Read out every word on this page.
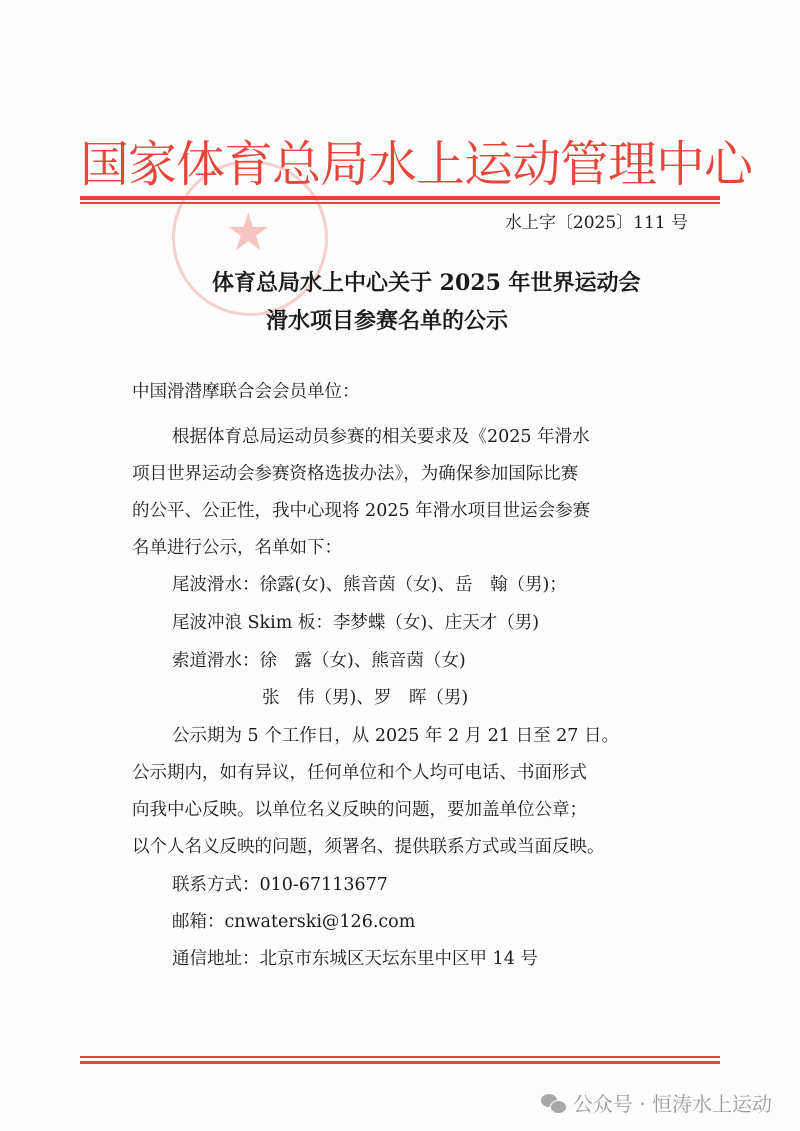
★
国家体育总局水上运动管理中心
水上字〔2025〕111 号
体育总局水上中心关于 2025 年世界运动会
滑水项目参赛名单的公示
中国滑潜摩联合会会员单位：
根据体育总局运动员参赛的相关要求及《2025 年滑水
项目世界运动会参赛资格选拔办法》，为确保参加国际比赛
的公平、公正性，我中心现将 2025 年滑水项目世运会参赛
名单进行公示，名单如下：
尾波滑水：徐露(女)、熊音茵（女)、岳　翰（男)；
尾波冲浪 Skim 板：李梦蝶（女)、庄天才（男)
索道滑水：徐　露（女)、熊音茵（女)
张　伟（男)、罗　晖（男)
公示期为 5 个工作日，从 2025 年 2 月 21 日至 27 日。
公示期内，如有异议，任何单位和个人均可电话、书面形式
向我中心反映。以单位名义反映的问题，要加盖单位公章；
以个人名义反映的问题，须署名、提供联系方式或当面反映。
联系方式：010-67113677
邮箱：cnwaterski@126.com
通信地址：北京市东城区天坛东里中区甲 14 号
公众号 · 恒涛水上运动
